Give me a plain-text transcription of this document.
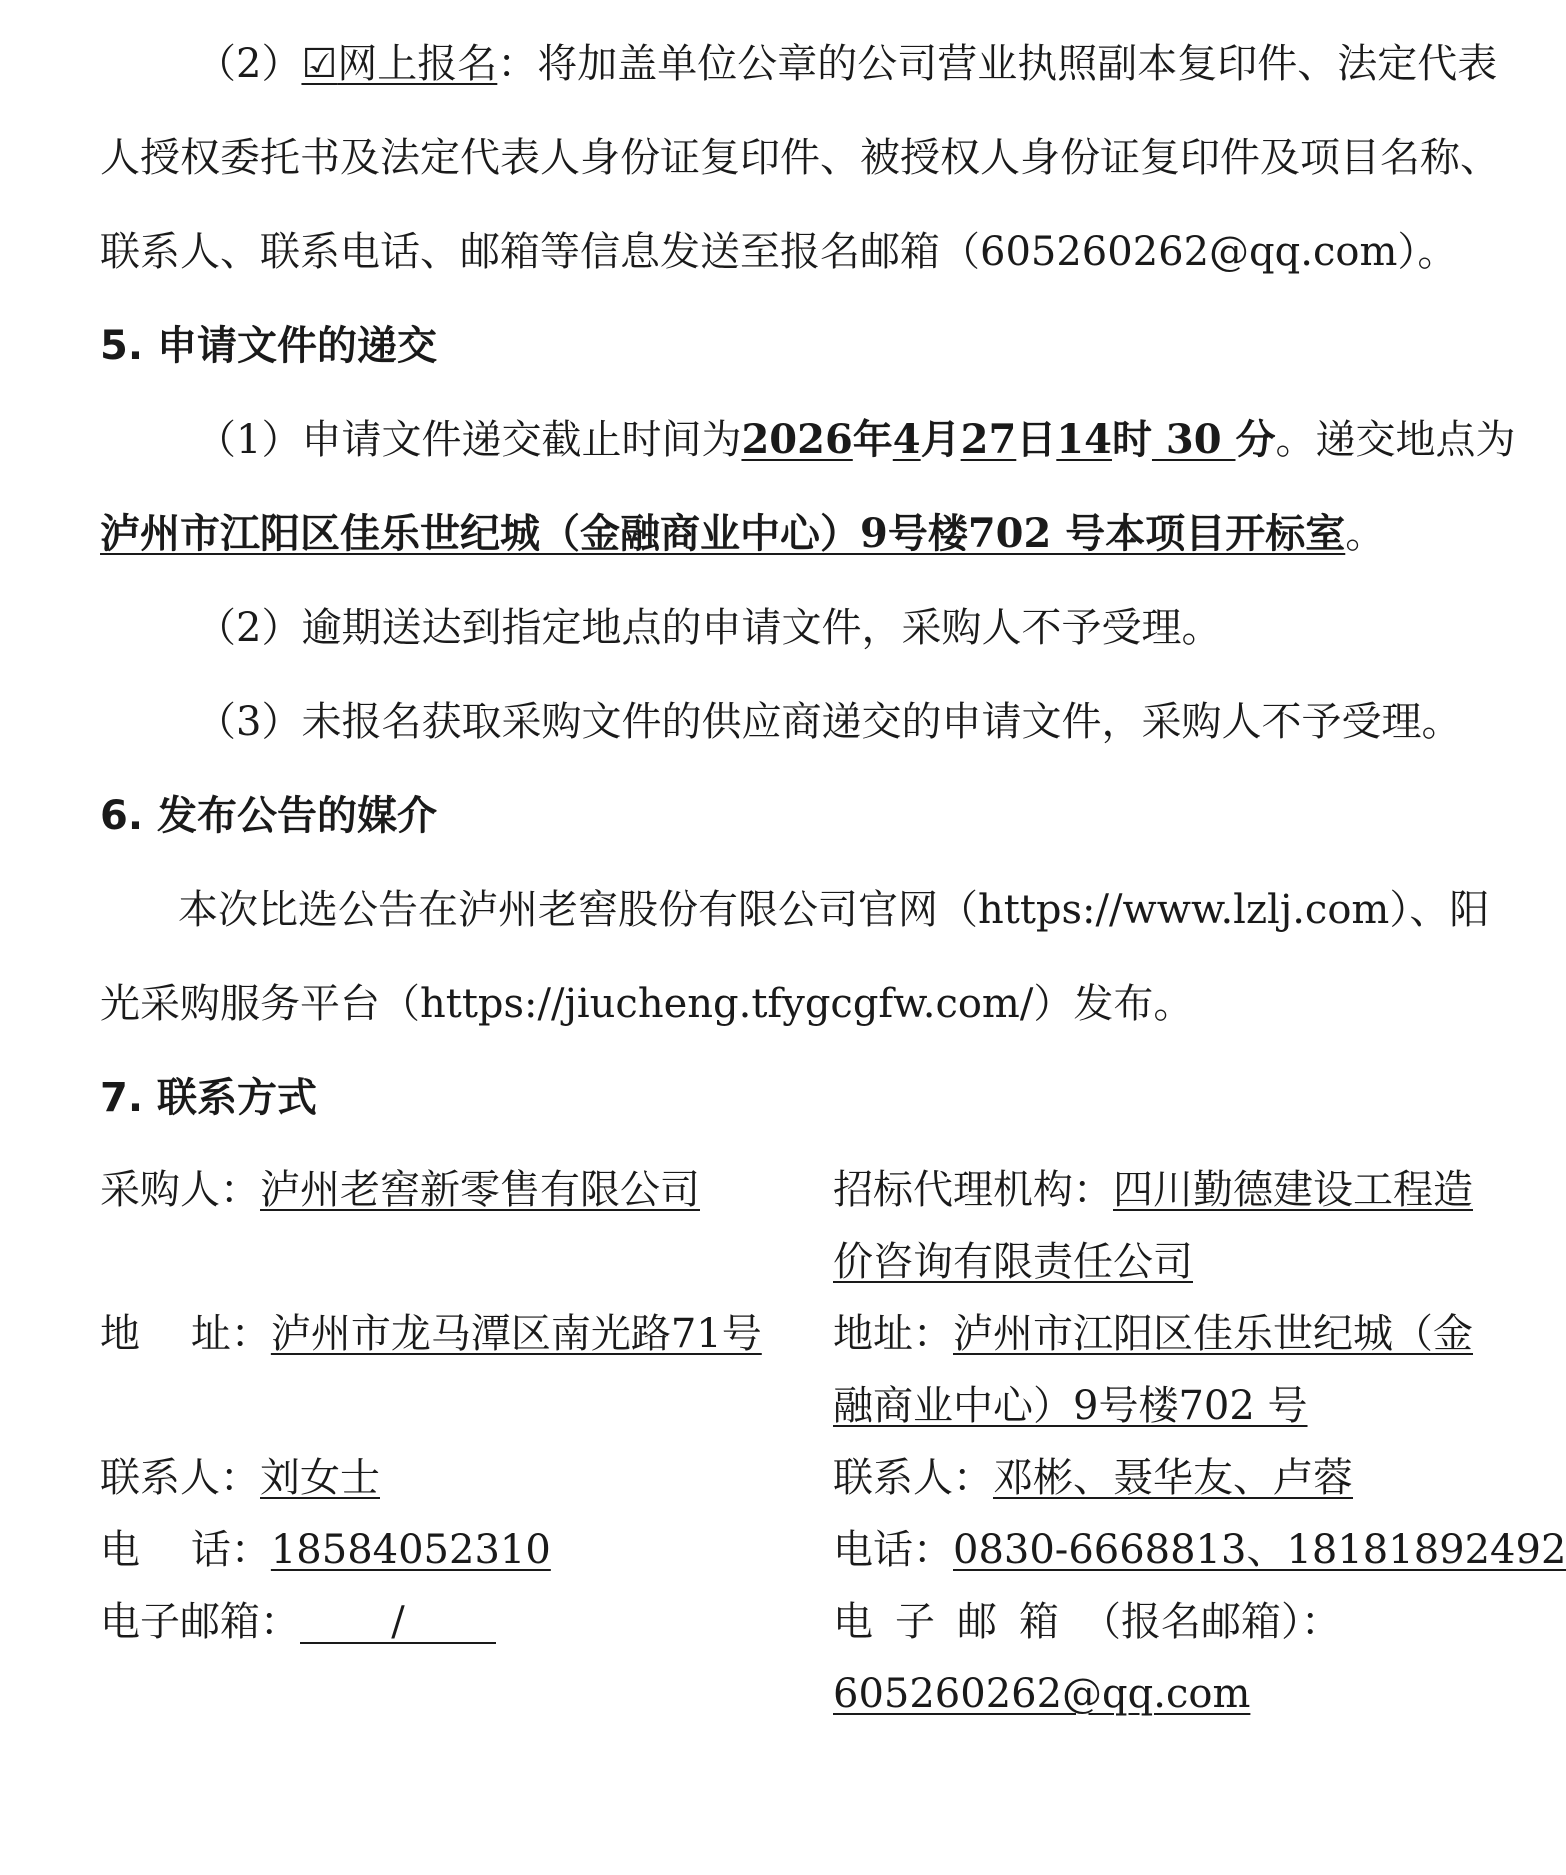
（2）☑网上报名：将加盖单位公章的公司营业执照副本复印件、法定代表
人授权委托书及法定代表人身份证复印件、被授权人身份证复印件及项目名称、
联系人、联系电话、邮箱等信息发送至报名邮箱（605260262@qq.com）。
5. 申请文件的递交
（1）申请文件递交截止时间为2026年4月27日14时 30 分。递交地点为
泸州市江阳区佳乐世纪城（金融商业中心）9号楼702 号本项目开标室。
（2）逾期送达到指定地点的申请文件，采购人不予受理。
（3）未报名获取采购文件的供应商递交的申请文件，采购人不予受理。
6. 发布公告的媒介
本次比选公告在泸州老窖股份有限公司官网（https://www.lzlj.com）、阳
光采购服务平台（https://jiucheng.tfygcgfw.com/）发布。
7. 联系方式
采购人：泸州老窖新零售有限公司
地    址：泸州市龙马潭区南光路71号
联系人：刘女士
电    话：18584052310
电子邮箱： /
招标代理机构：四川勤德建设工程造
价咨询有限责任公司
地址：泸州市江阳区佳乐世纪城（金
融商业中心）9号楼702 号
联系人：邓彬、聂华友、卢蓉
电话：0830-6668813、18181892492
电子邮箱（报名邮箱）：
605260262@qq.com
